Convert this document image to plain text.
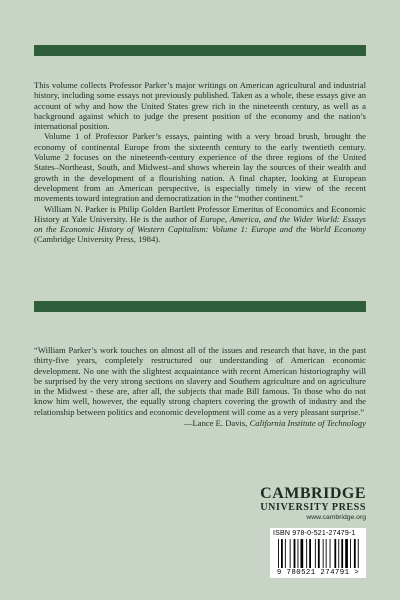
This volume collects Professor Parker’s major writings on American agricultural and industrial history, including some essays not previously published. Taken as a whole, these essays give an account of why and how the United States grew rich in the nineteenth century, as well as a background against which to judge the present position of the economy and the nation’s international position.

Volume 1 of Professor Parker’s essays, painting with a very broad brush, brought the economy of continental Europe from the sixteenth century to the early twentieth century. Volume 2 focuses on the nineteenth-century experience of the three regions of the United States–Northeast, South, and Midwest–and shows wherein lay the sources of their wealth and growth in the development of a flourishing nation. A final chapter, looking at European development from an American perspective, is especially timely in view of the recent movements toward integration and democratization in the “mother continent.”

William N. Parker is Philip Golden Bartlett Professor Emeritus of Economics and Economic History at Yale University. He is the author of Europe, America, and the Wider World: Essays on the Economic History of Western Capitalism: Volume 1: Europe and the World Economy (Cambridge University Press, 1984).

“William Parker’s work touches on almost all of the issues and research that have, in the past thirty-five years, completely restructured our understanding of American economic development. No one with the slightest acquaintance with recent American historiography will be surprised by the very strong sections on slavery and Southern agriculture and on agriculture in the Midwest - these are, after all, the subjects that made Bill famous. To those who do not know him well, however, the equally strong chapters covering the growth of industry and the relationship between politics and economic development will come as a very pleasant surprise.”

—Lance E. Davis, California Institute of Technology
CAMBRIDGE
UNIVERSITY PRESS
www.cambridge.org
ISBN 978-0-521-27479-1
9 780521 274791 >
